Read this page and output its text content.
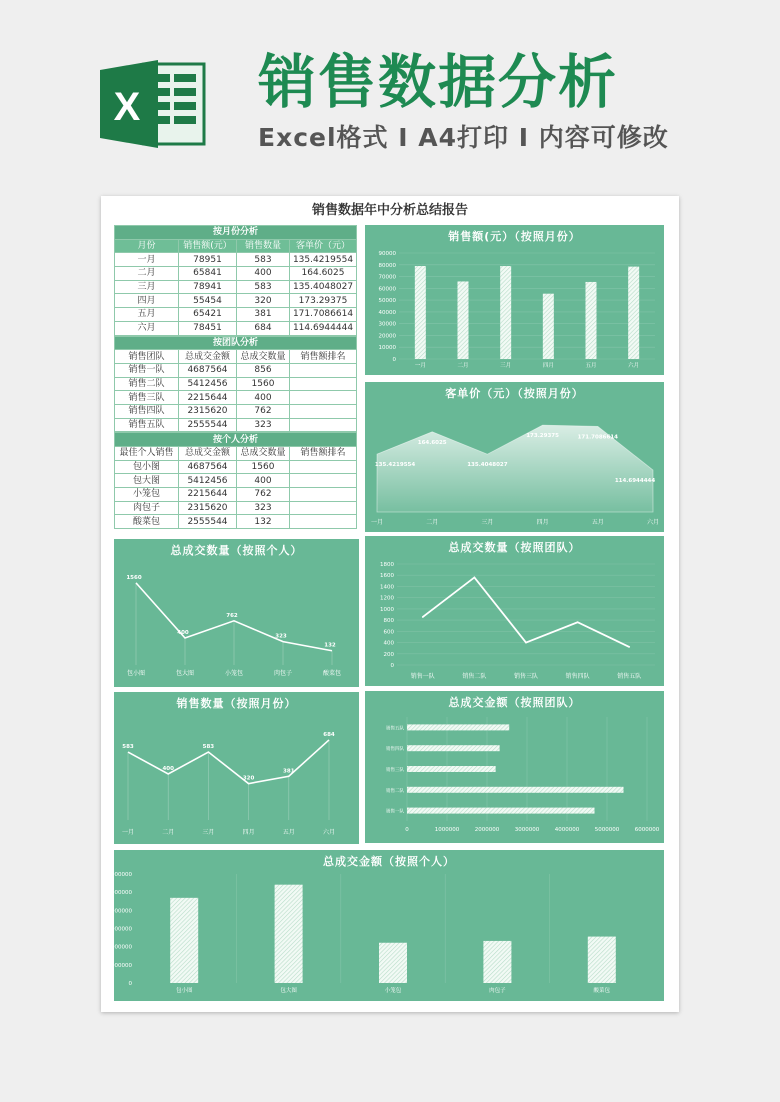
X 销售数据分析
Excel格式 I A4打印 I 内容可修改
销售数据年中分析总结报告
按月份分析			
月份	销售额(元）	销售数量	客单价（元）
一月	78951	583	135.4219554
二月	65841	400	164.6025
三月	78941	583	135.4048027
四月	55454	320	173.29375
五月	65421	381	171.7086614
六月	78451	684	114.6944444
按团队分析			
销售团队	总成交金额	总成交数量	销售额排名
销售一队	4687564	856	
销售二队	5412456	1560	
销售三队	2215644	400	
销售四队	2315620	762	
销售五队	2555544	323	
按个人分析			
最佳个人销售	总成交金额	总成交数量	销售额排名
包小图	4687564	1560	
包大图	5412456	400	
小笼包	2215644	762	
肉包子	2315620	323	
酸菜包	2555544	132	
销售额(元）（按照月份）
0
10000
20000
30000
40000
50000
60000
70000
80000
90000
一月	二月	三月	四月	五月	六月
客单价（元）（按照月份）
135.4219554
一月
164.6025
二月
135.4048027
三月
173.29375
四月
171.7086614
五月
114.6944444
六月
总成交数量（按照个人）
1560
包小图
400
包大图
762
小笼包
323
肉包子
132
酸菜包
总成交数量（按照团队）
0
200
400
600
800
1000
1200
1400
1600
1800
销售一队	销售二队	销售三队	销售四队	销售五队
销售数量（按照月份）
583
一月
400
二月
583
三月
320
四月
381
五月
684
六月
总成交金额（按照团队）
0	1000000	2000000	3000000	4000000	5000000	6000000
销售一队
销售二队
销售三队
销售四队
销售五队
总成交金额（按照个人）
0
1000000
2000000
3000000
4000000
5000000
6000000
包小图	包大图	小笼包	肉包子	酸菜包
